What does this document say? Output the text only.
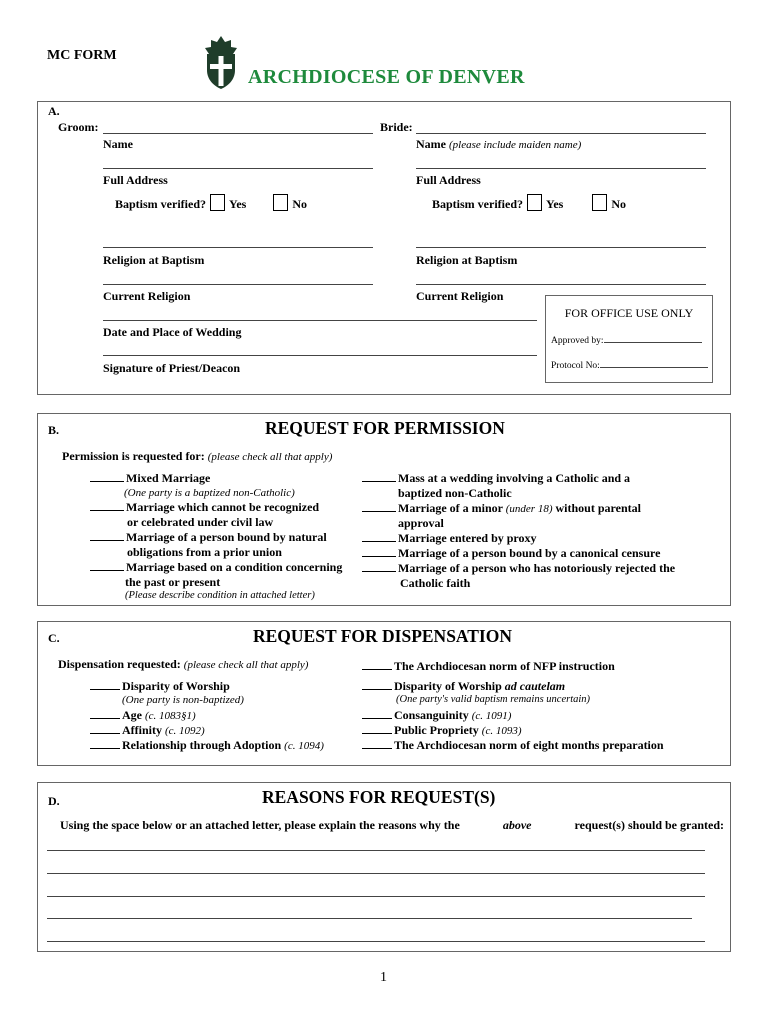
MC FORM
ARCHDIOCESE OF DENVER
A.
Groom:
Name
Bride:
Name (please include maiden name)
Full Address	Full Address
Baptism verified? Yes	No	Baptism verified? Yes	No
Religion at Baptism	Religion at Baptism
Current Religion	Current Religion
Date and Place of Wedding
Signature of Priest/Deacon
FOR OFFICE USE ONLY
Approved by:
Protocol No:
B.	REQUEST FOR PERMISSION
Permission is requested for: (please check all that apply)
Mixed Marriage
(One party is a baptized non-Catholic)
Marriage which cannot be recognized
or celebrated under civil law
Marriage of a person bound by natural
obligations from a prior union
Marriage based on a condition concerning
the past or present
(Please describe condition in attached letter)
Mass at a wedding involving a Catholic and a
baptized non-Catholic
Marriage of a minor (under 18) without parental
approval
Marriage entered by proxy
Marriage of a person bound by a canonical censure
Marriage of a person who has notoriously rejected the
Catholic faith
C.	REQUEST FOR DISPENSATION
Dispensation requested: (please check all that apply)
Disparity of Worship
(One party is non-baptized)
Age (c. 1083§1)
Affinity (c. 1092)
Relationship through Adoption (c. 1094)
The Archdiocesan norm of NFP instruction
Disparity of Worship ad cautelam
(One party's valid baptism remains uncertain)
Consanguinity (c. 1091)
Public Propriety (c. 1093)
The Archdiocesan norm of eight months preparation
D.	REASONS FOR REQUEST(S)
Using the space below or an attached letter, please explain the reasons why the	above	request(s) should be granted:
1
